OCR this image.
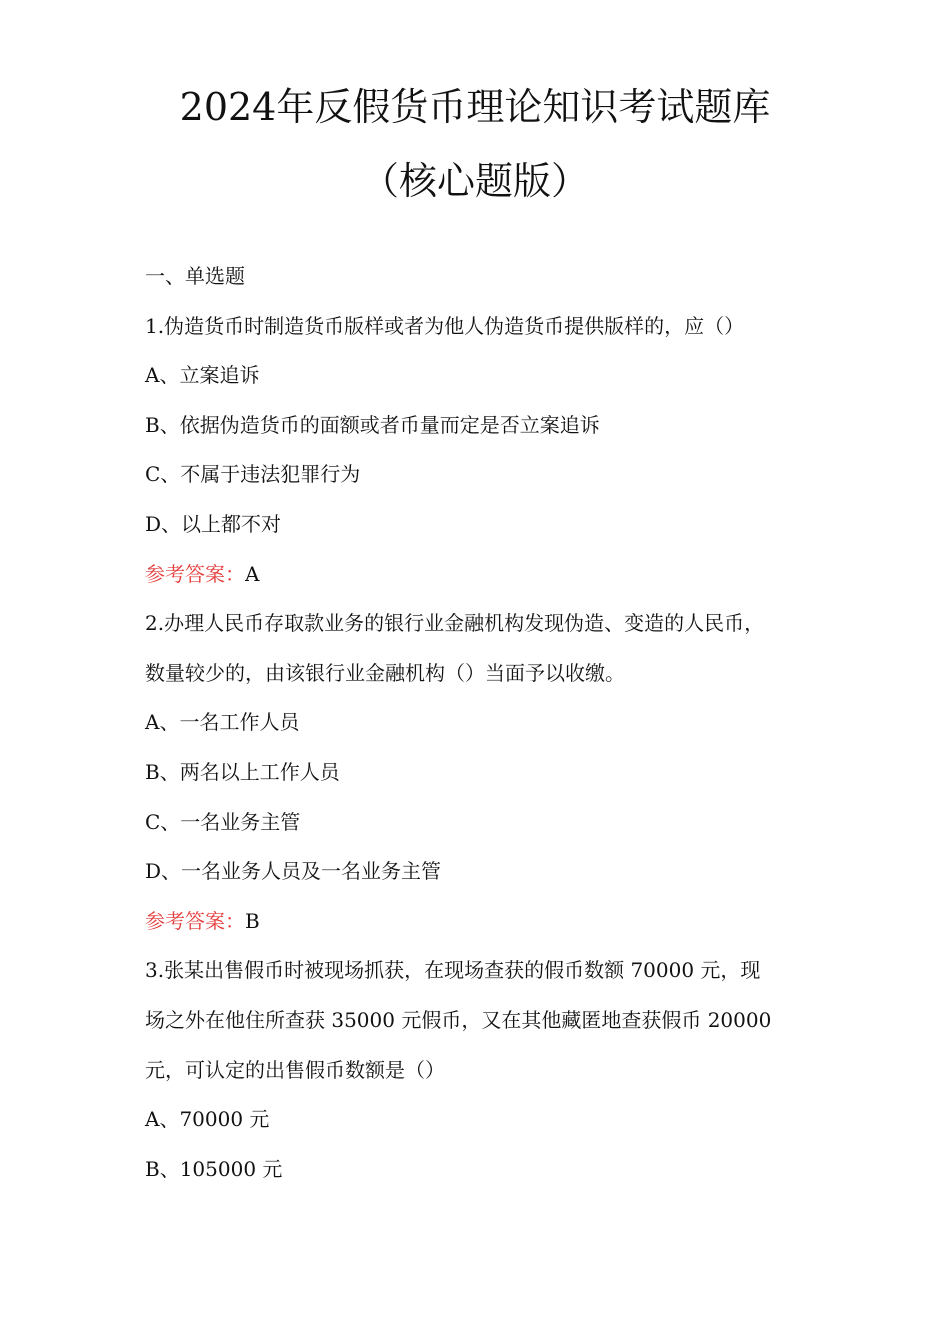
2024年反假货币理论知识考试题库
（核心题版）
一、单选题
1.伪造货币时制造货币版样或者为他人伪造货币提供版样的，应（）
A、立案追诉
B、依据伪造货币的面额或者币量而定是否立案追诉
C、不属于违法犯罪行为
D、以上都不对
参考答案：A
2.办理人民币存取款业务的银行业金融机构发现伪造、变造的人民币，
数量较少的，由该银行业金融机构（）当面予以收缴。
A、一名工作人员
B、两名以上工作人员
C、一名业务主管
D、一名业务人员及一名业务主管
参考答案：B
3.张某出售假币时被现场抓获，在现场查获的假币数额 70000 元，现
场之外在他住所查获 35000 元假币，又在其他藏匿地查获假币 20000
元，可认定的出售假币数额是（）
A、70000 元
B、105000 元
